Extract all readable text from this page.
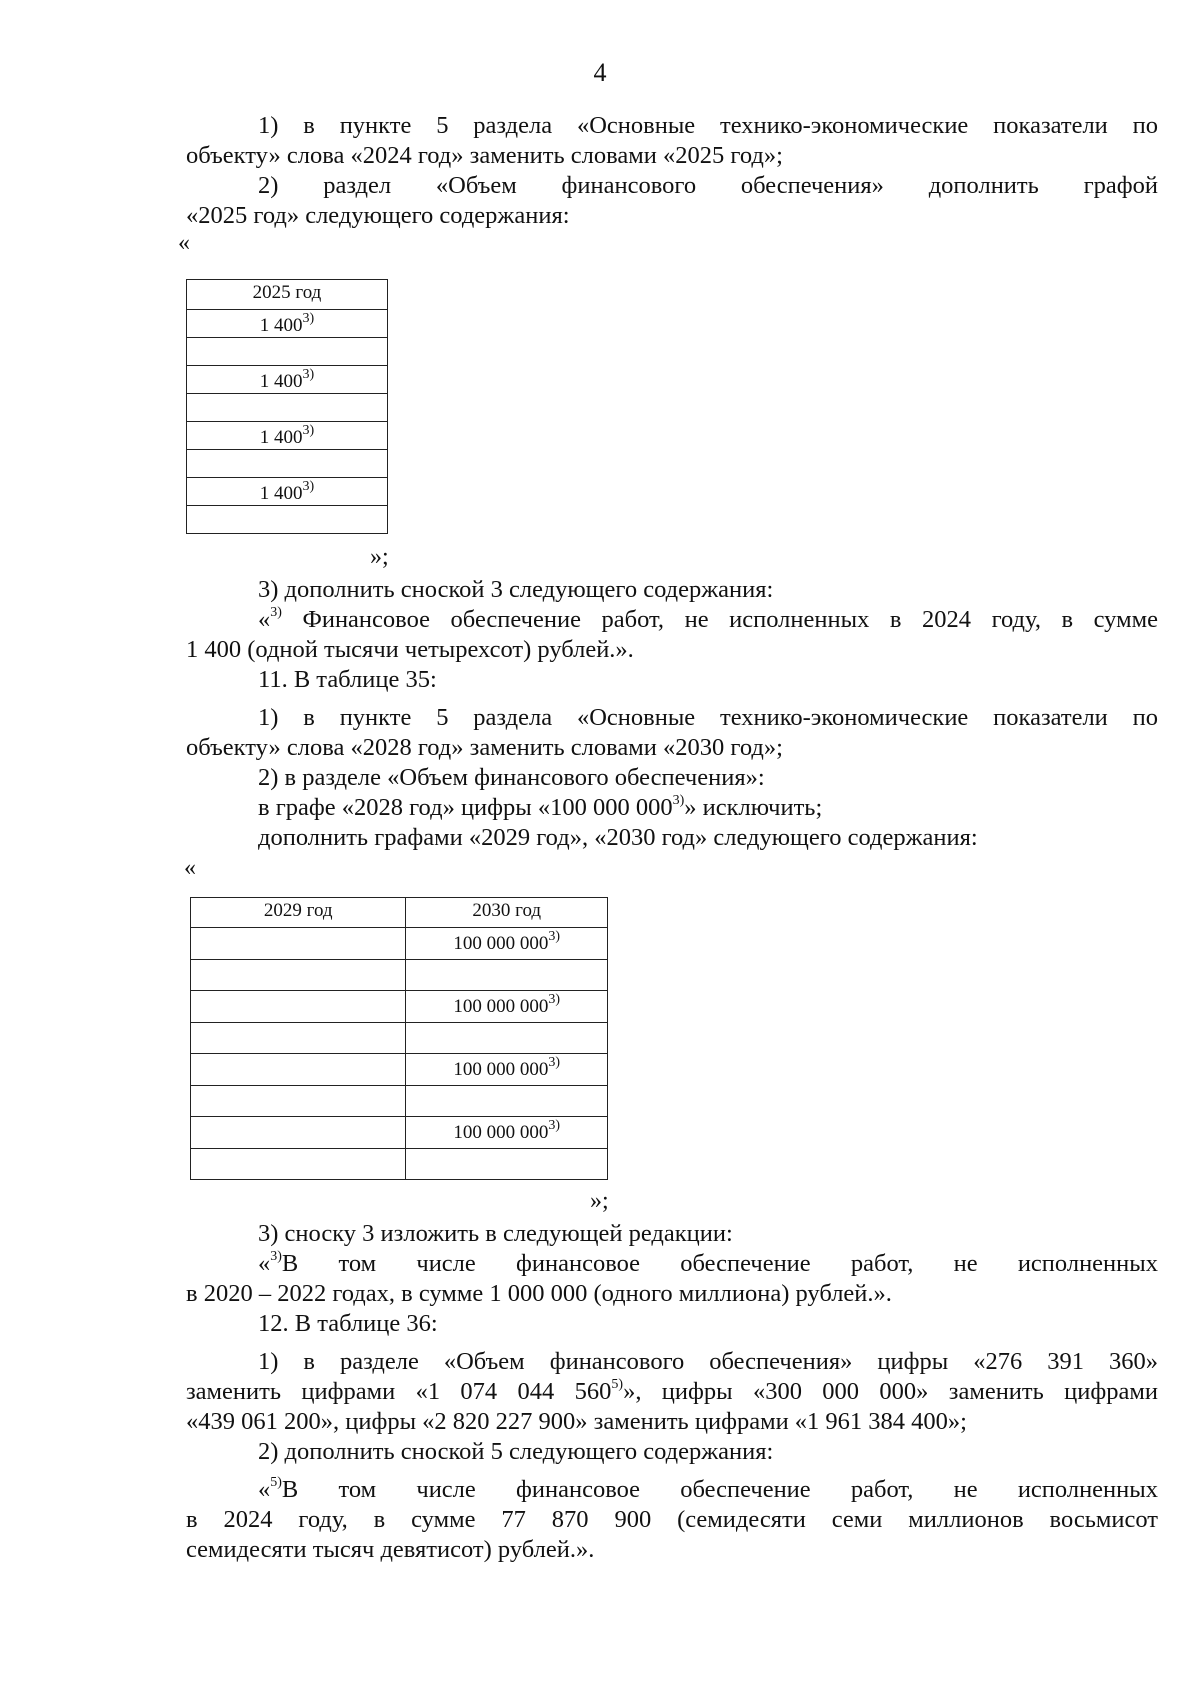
4
1) в пункте 5 раздела «Основные технико-экономические показатели по
объекту» слова «2024 год» заменить словами «2025 год»;
2) раздел «Объем финансового обеспечения» дополнить графой
«2025 год» следующего содержания:
«
2025 год
1 400$^{3)}$

1 400$^{3)}$

1 400$^{3)}$

1 400$^{3)}$

»;
3) дополнить сноской 3 следующего содержания:
«$^{3)}$ Финансовое обеспечение работ, не исполненных в 2024 году, в сумме
1 400 (одной тысячи четырехсот) рублей.».
11. В таблице 35:
1) в пункте 5 раздела «Основные технико-экономические показатели по
объекту» слова «2028 год» заменить словами «2030 год»;
2) в разделе «Объем финансового обеспечения»:
в графе «2028 год» цифры «100 000 000$^{3)}$» исключить;
дополнить графами «2029 год», «2030 год» следующего содержания:
«
2029 год	2030 год
	100 000 000$^{3)}$

	100 000 000$^{3)}$

	100 000 000$^{3)}$

	100 000 000$^{3)}$

»;
3) сноску 3 изложить в следующей редакции:
«$^{3)}$В том числе финансовое обеспечение работ, не исполненных
в 2020 – 2022 годах, в сумме 1 000 000 (одного миллиона) рублей.».
12. В таблице 36:
1) в разделе «Объем финансового обеспечения» цифры «276 391 360»
заменить цифрами «1 074 044 560$^{5)}$», цифры «300 000 000» заменить цифрами
«439 061 200», цифры «2 820 227 900» заменить цифрами «1 961 384 400»;
2) дополнить сноской 5 следующего содержания:
«$^{5)}$В том числе финансовое обеспечение работ, не исполненных
в 2024 году, в сумме 77 870 900 (семидесяти семи миллионов восьмисот
семидесяти тысяч девятисот) рублей.».
